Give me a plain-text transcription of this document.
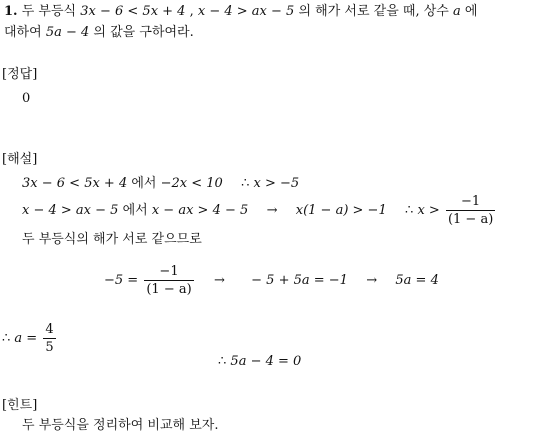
1. 두 부등식 3x − 6 < 5x + 4 , x − 4 > ax − 5 의 해가 서로 같을 때, 상수 a 에
대하여 5a − 4 의 값을 구하여라.
[정답]
0
[해설]
3x − 6 < 5x + 4 에서 −2x < 10 ∴ x > −5
x − 4 > ax − 5 에서 x − ax > 4 − 5 → x(1 − a) > −1 ∴ $x > \frac{-1}{(1 - a)}$
두 부등식의 해가 서로 같으므로
$-5 = \frac{-1}{(1 - a)}$ → − 5 + 5a = −1 → 5a = 4
∴ $a = \frac{4}{5}$
∴ 5a − 4 = 0
[힌트]
두 부등식을 정리하여 비교해 보자.
